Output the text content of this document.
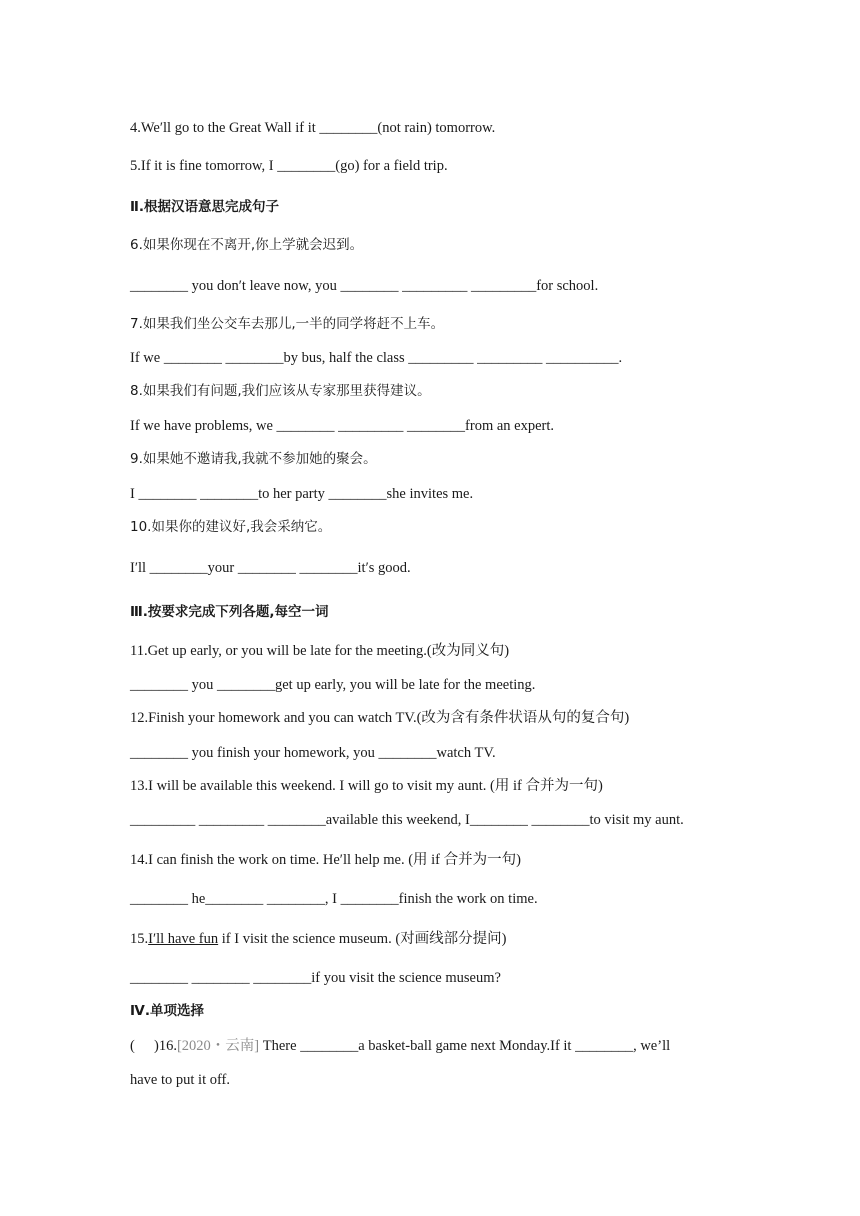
4.We′ll go to the Great Wall if it ________(not rain) tomorrow.
5.If it is fine tomorrow, I ________(go) for a field trip.
Ⅱ.根据汉语意思完成句子
6.如果你现在不离开,你上学就会迟到。
________ you don′t leave now, you ________ _________ _________for school.
7.如果我们坐公交车去那儿,一半的同学将赶不上车。
If we ________ ________by bus, half the class _________ _________ __________.
8.如果我们有问题,我们应该从专家那里获得建议。
If we have problems, we ________ _________ ________from an expert.
9.如果她不邀请我,我就不参加她的聚会。
I ________ ________to her party ________she invites me.
10.如果你的建议好,我会采纳它。
I′ll ________your ________ ________it′s good.
Ⅲ.按要求完成下列各题,每空一词
11.Get up early, or you will be late for the meeting.(改为同义句)
________ you ________get up early, you will be late for the meeting.
12.Finish your homework and you can watch TV.(改为含有条件状语从句的复合句)
________ you finish your homework, you ________watch TV.
13.I will be available this weekend. I will go to visit my aunt. (用 if 合并为一句)
_________ _________ ________available this weekend, I________ ________to visit my aunt.
14.I can finish the work on time. He′ll help me. (用 if 合并为一句)
________ he________ ________, I ________finish the work on time.
15.I′ll have fun if I visit the science museum. (对画线部分提问)
________ ________ ________if you visit the science museum?
Ⅳ.单项选择
( )16.[2020・云南] There ________a basket-ball game next Monday.If it ________, we’ll
have to put it off.
